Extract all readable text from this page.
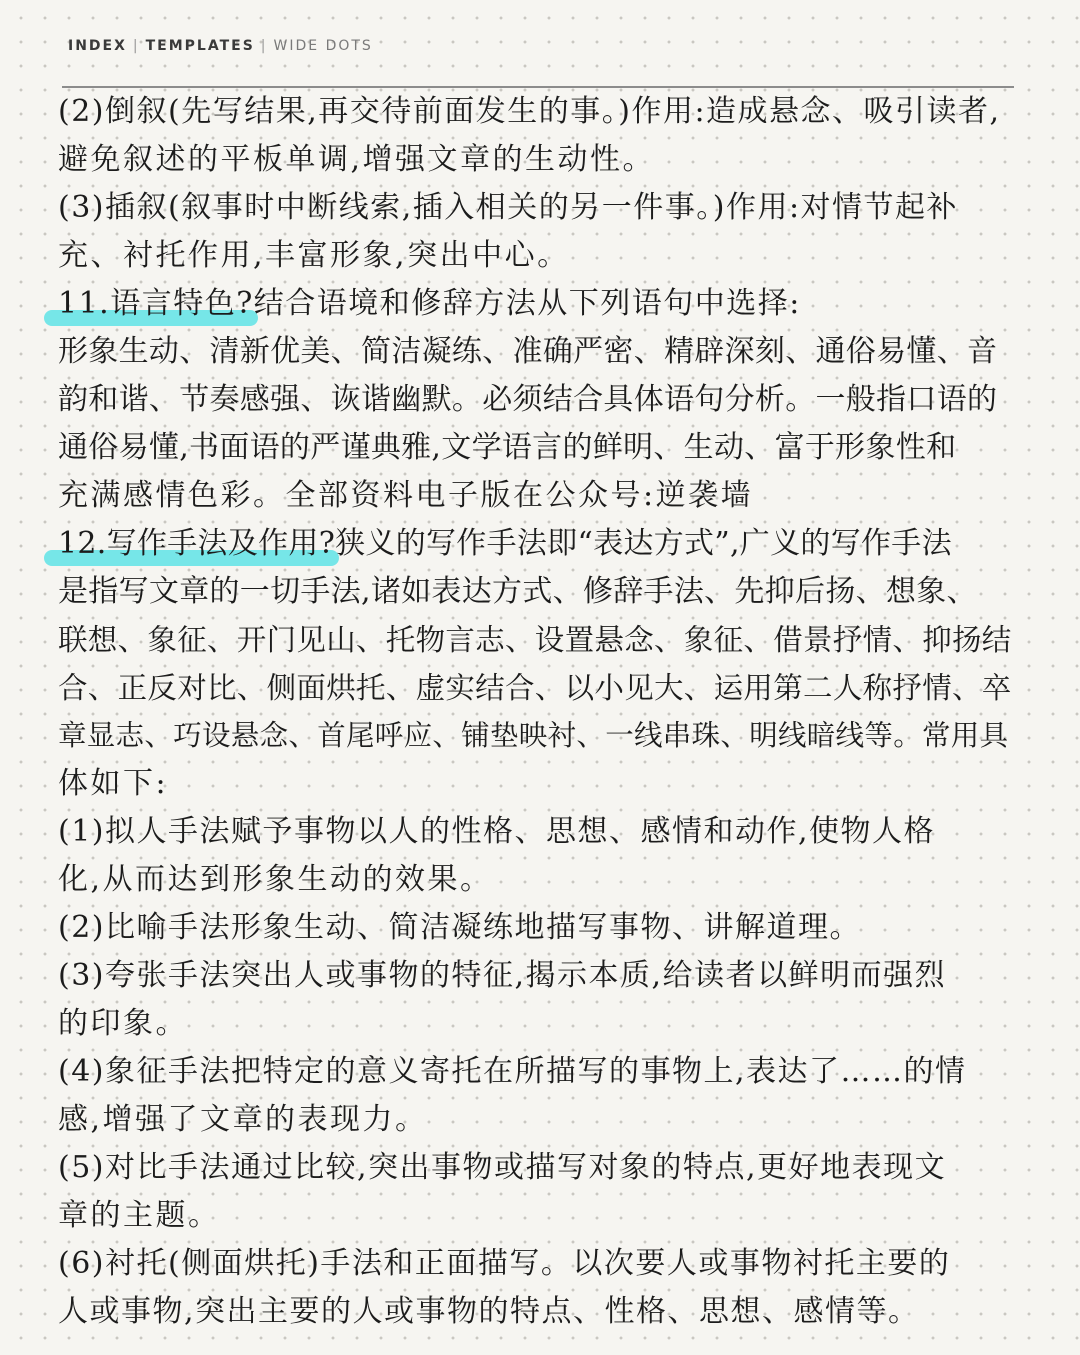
INDEX | TEMPLATES | WIDE DOTS
(2)倒叙(先写结果,再交待前面发生的事。)作用:造成悬念、吸引读者,
避免叙述的平板单调,增强文章的生动性。
(3)插叙(叙事时中断线索,插入相关的另一件事。)作用:对情节起补
充、衬托作用,丰富形象,突出中心。
11.语言特色?结合语境和修辞方法从下列语句中选择:
形象生动、清新优美、简洁凝练、准确严密、精辟深刻、通俗易懂、音
韵和谐、节奏感强、诙谐幽默。必须结合具体语句分析。一般指口语的
通俗易懂,书面语的严谨典雅,文学语言的鲜明、生动、富于形象性和
充满感情色彩。全部资料电子版在公众号:逆袭墙
12.写作手法及作用?狭义的写作手法即“表达方式”,广义的写作手法
是指写文章的一切手法,诸如表达方式、修辞手法、先抑后扬、想象、
联想、象征、开门见山、托物言志、设置悬念、象征、借景抒情、抑扬结
合、正反对比、侧面烘托、虚实结合、以小见大、运用第二人称抒情、卒
章显志、巧设悬念、首尾呼应、铺垫映衬、一线串珠、明线暗线等。常用具
体如下:
(1)拟人手法赋予事物以人的性格、思想、感情和动作,使物人格
化,从而达到形象生动的效果。
(2)比喻手法形象生动、简洁凝练地描写事物、讲解道理。
(3)夸张手法突出人或事物的特征,揭示本质,给读者以鲜明而强烈
的印象。
(4)象征手法把特定的意义寄托在所描写的事物上,表达了……的情
感,增强了文章的表现力。
(5)对比手法通过比较,突出事物或描写对象的特点,更好地表现文
章的主题。
(6)衬托(侧面烘托)手法和正面描写。以次要人或事物衬托主要的
人或事物,突出主要的人或事物的特点、性格、思想、感情等。
